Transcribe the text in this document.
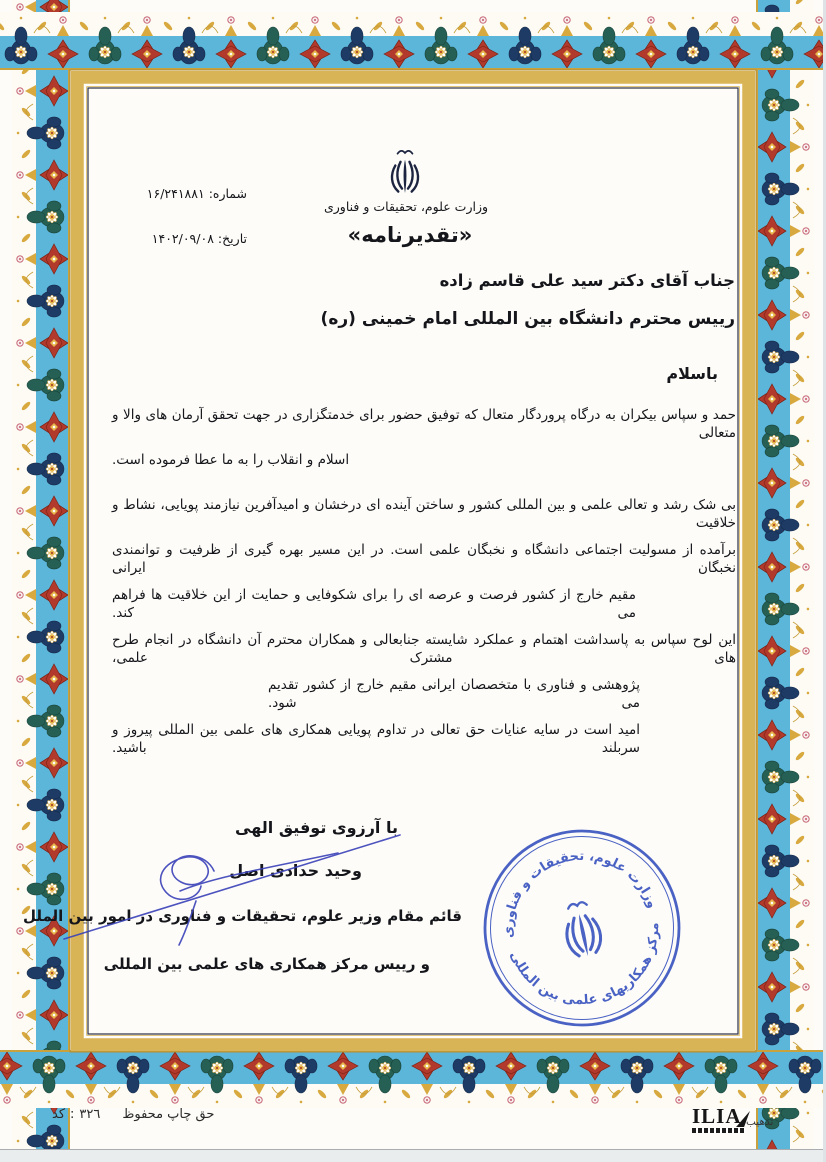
وزارت علوم، تحقیقات و فناوری
«تقدیرنامه»
شماره: ۱۶/۲۴۱۸۸۱
تاریخ: ۱۴۰۲/۰۹/۰۸
جناب آقای دکتر سید علی قاسم زاده
رییس محترم دانشگاه بین المللی امام خمینی (ره)
باسلام
حمد و سپاس بیکران به درگاه پروردگار متعال که توفیق حضور برای خدمتگزاری در جهت تحقق آرمان های والا و متعالی
اسلام و انقلاب را به ما عطا فرموده است.
بی شک رشد و تعالی علمی و بین المللی کشور و ساختن آینده ای درخشان و امیدآفرین نیازمند پویایی، نشاط و خلاقیت
برآمده از مسولیت اجتماعی دانشگاه و نخبگان علمی است. در این مسیر بهره گیری از ظرفیت و توانمندی نخبگان ایرانی
مقیم خارج از کشور فرصت و عرصه ای را برای شکوفایی و حمایت از این خلاقیت ها فراهم می کند.
این لوح سپاس به پاسداشت اهتمام و عملکرد شایسته جنابعالی و همکاران محترم آن دانشگاه در انجام طرح های مشترک علمی،
پژوهشی و فناوری با متخصصان ایرانی مقیم خارج از کشور تقدیم می شود.
امید است در سایه عنایات حق تعالی در تداوم پویایی همکاری های علمی بین المللی پیروز و سربلند باشید.
با آرزوی توفیق الهی
وحید حدادی اصل
قائم مقام وزیر علوم، تحقیقات و فناوری در امور بین الملل
و رییس مرکز همکاری های علمی بین المللی
وزارت علوم، تحقیقات و فناوری
مرکز همکاریهای علمی بین المللی
کد : ٣٢٦ حق چاپ محفوظ	ILIA تذهیب
